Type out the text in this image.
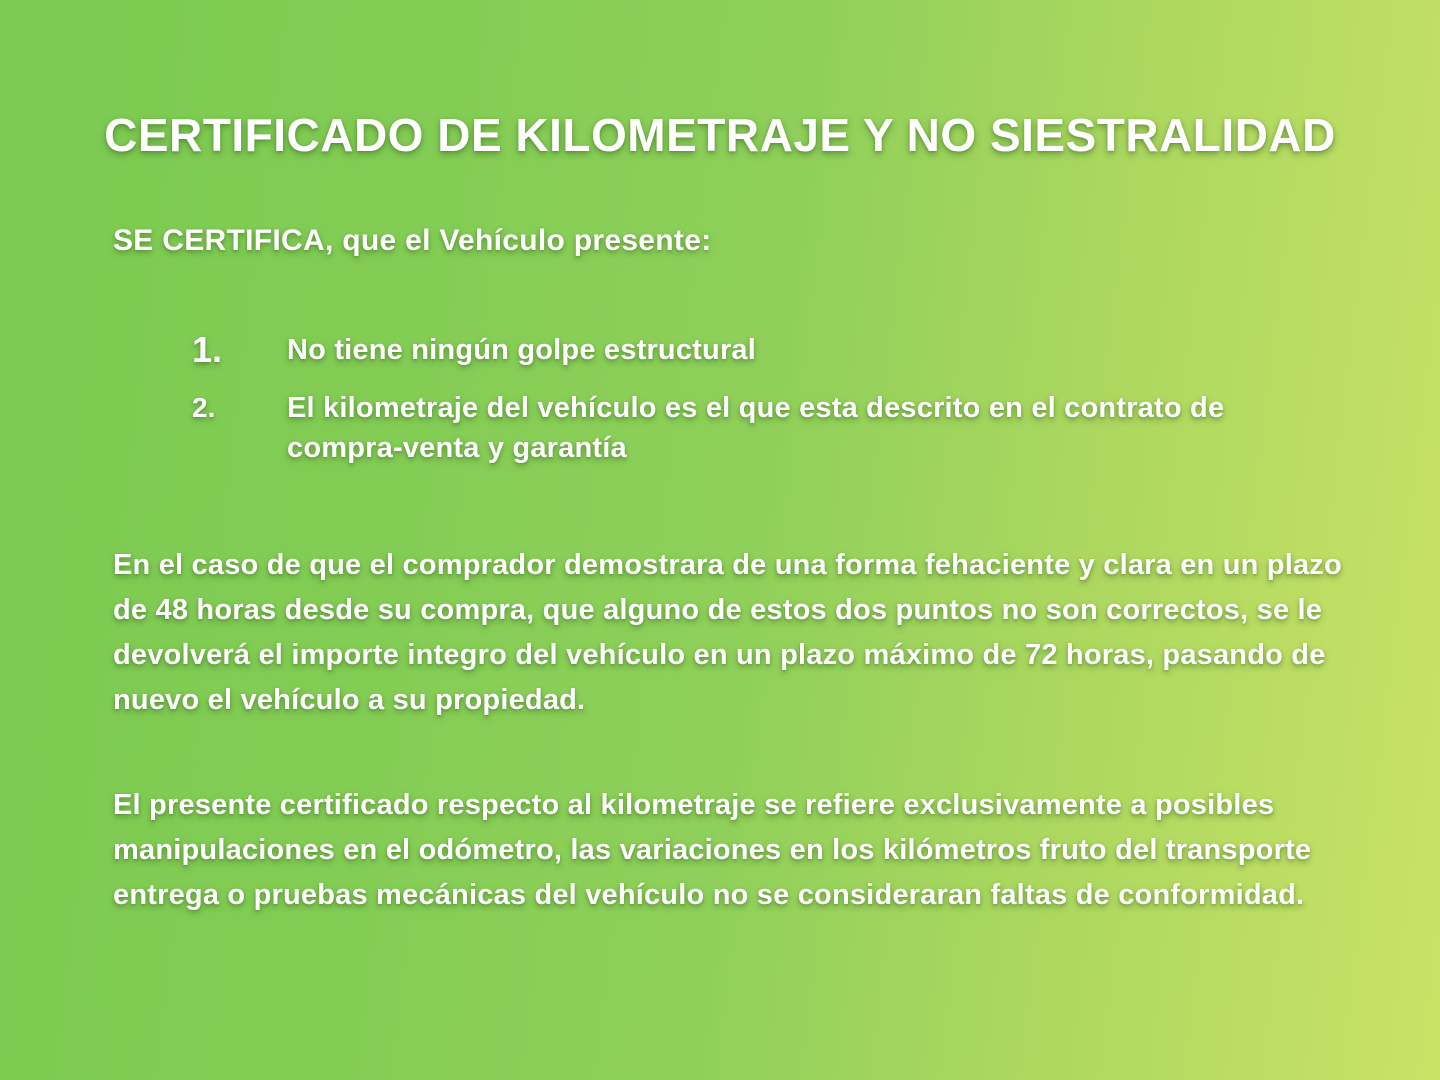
CERTIFICADO DE KILOMETRAJE Y NO SIESTRALIDAD

SE CERTIFICA, que el Vehículo presente:

1.	No tiene ningún golpe estructural
2.	El kilometraje del vehículo es el que esta descrito en el contrato de compra-venta y garantía

En el caso de que el comprador demostrara de una forma fehaciente y clara en un plazo de 48 horas desde su compra, que alguno de estos dos puntos no son correctos, se le devolverá el importe integro del vehículo en un plazo máximo de 72 horas, pasando de nuevo el vehículo a su propiedad.

El presente certificado respecto al kilometraje se refiere exclusivamente a posibles manipulaciones en el odómetro, las variaciones en los kilómetros fruto del transporte entrega o pruebas mecánicas del vehículo no se consideraran faltas de conformidad.
